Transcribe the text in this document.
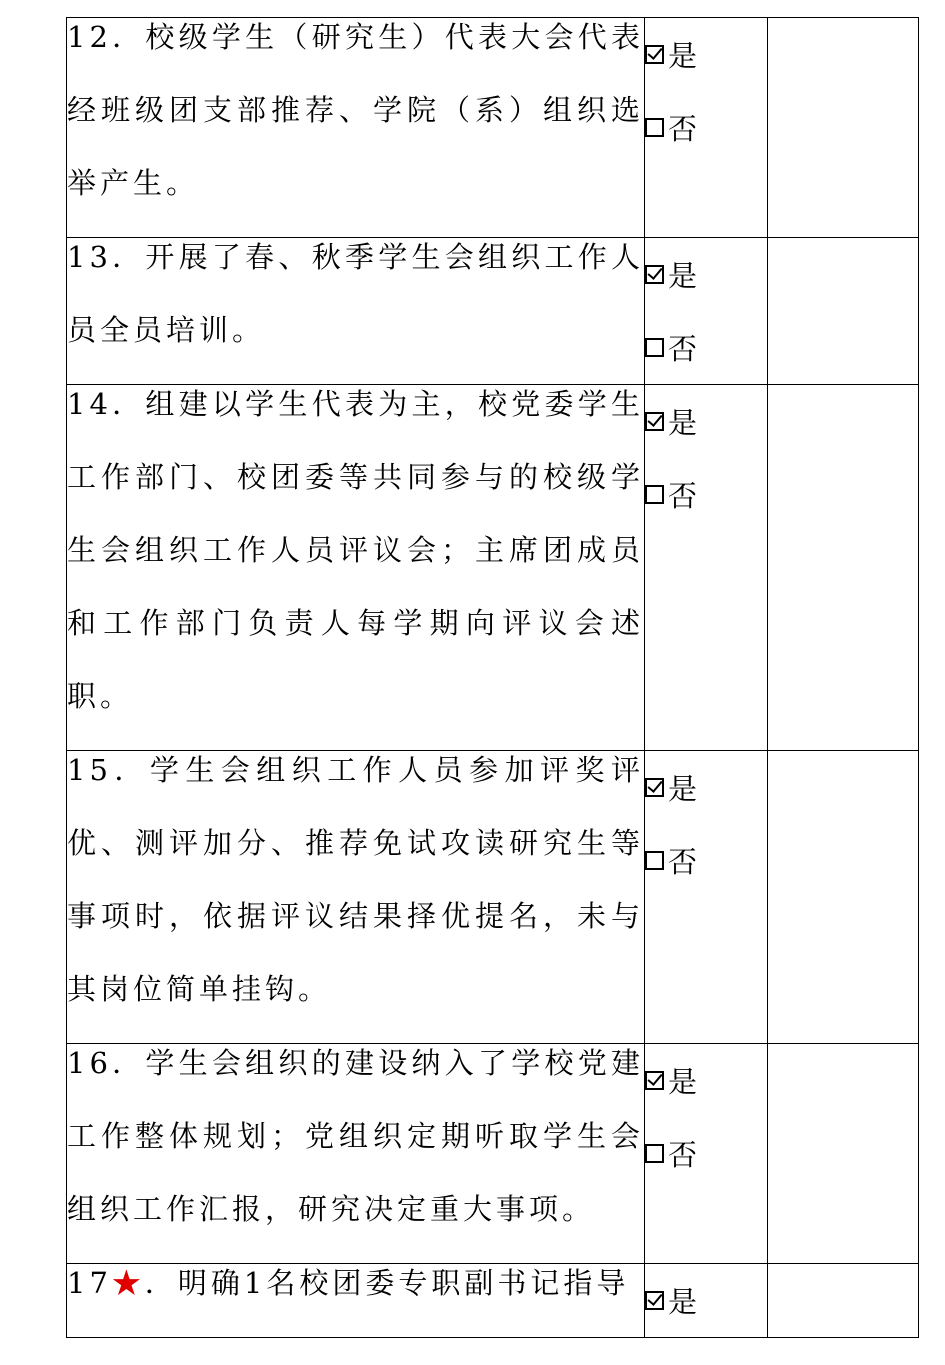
12．校级学生（研究生）代表大会代表经班级团支部推荐、学院（系）组织选举产生。	是
否	

13．开展了春、秋季学生会组织工作人员全员培训。	是
否	

14．组建以学生代表为主，校党委学生工作部门、校团委等共同参与的校级学生会组织工作人员评议会；主席团成员和工作部门负责人每学期向评议会述职。	是
否	

15．学生会组织工作人员参加评奖评优、测评加分、推荐免试攻读研究生等事项时，依据评议结果择优提名，未与其岗位简单挂钩。	是
否	

16．学生会组织的建设纳入了学校党建工作整体规划；党组织定期听取学生会组织工作汇报，研究决定重大事项。	是
否	

17★．明确1名校团委专职副书记指导	是	
